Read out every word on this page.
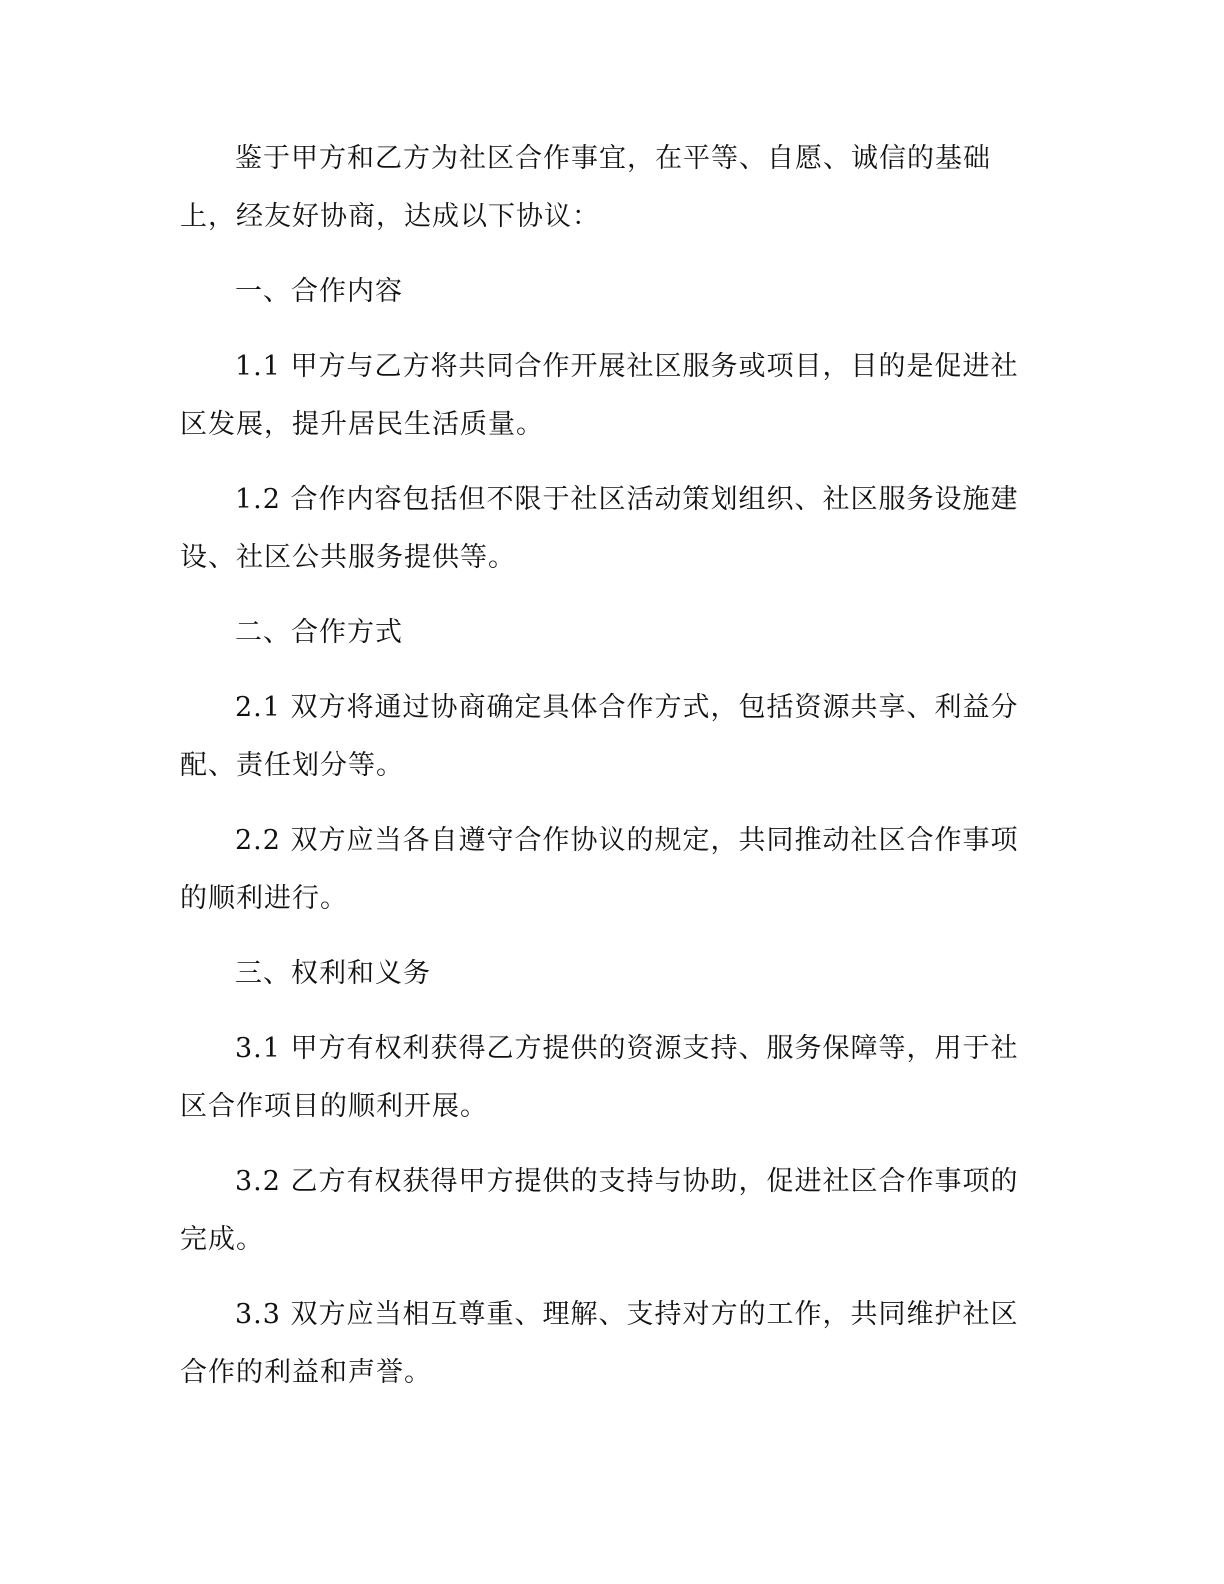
鉴于甲方和乙方为社区合作事宜，在平等、自愿、诚信的基础上，经友好协商，达成以下协议：

一、合作内容

1.1 甲方与乙方将共同合作开展社区服务或项目，目的是促进社区发展，提升居民生活质量。

1.2 合作内容包括但不限于社区活动策划组织、社区服务设施建设、社区公共服务提供等。

二、合作方式

2.1 双方将通过协商确定具体合作方式，包括资源共享、利益分配、责任划分等。

2.2 双方应当各自遵守合作协议的规定，共同推动社区合作事项的顺利进行。

三、权利和义务

3.1 甲方有权利获得乙方提供的资源支持、服务保障等，用于社区合作项目的顺利开展。

3.2 乙方有权获得甲方提供的支持与协助，促进社区合作事项的完成。

3.3 双方应当相互尊重、理解、支持对方的工作，共同维护社区合作的利益和声誉。
